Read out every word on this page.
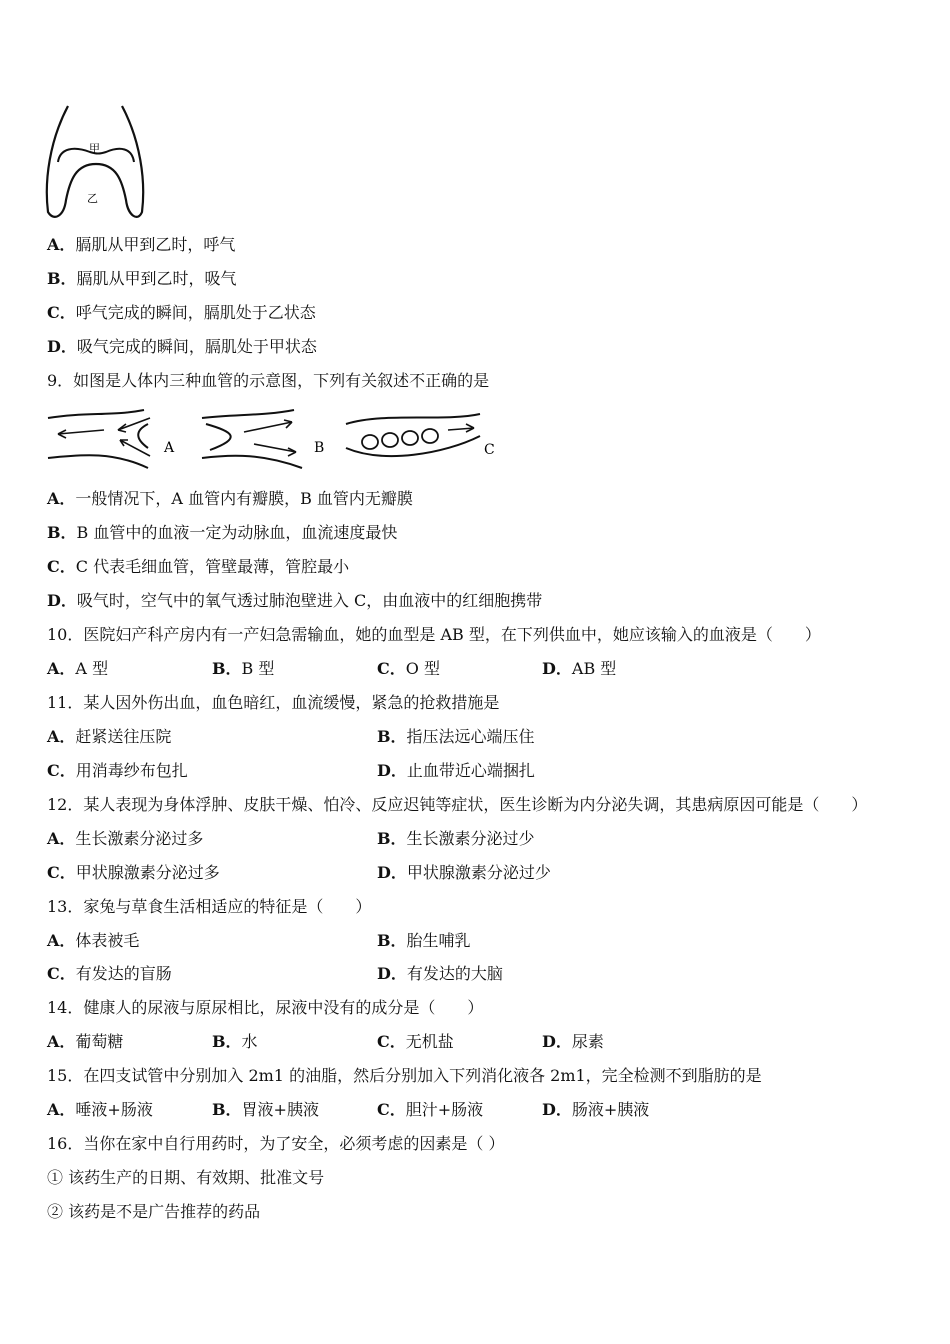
甲
乙
A．膈肌从甲到乙时，呼气
B．膈肌从甲到乙时，吸气
C．呼气完成的瞬间，膈肌处于乙状态
D．吸气完成的瞬间，膈肌处于甲状态
9．如图是人体内三种血管的示意图，下列有关叙述不正确的是
A	B	C
A．一般情况下，A 血管内有瓣膜，B 血管内无瓣膜
B．B 血管中的血液一定为动脉血，血流速度最快
C．C 代表毛细血管，管壁最薄，管腔最小
D．吸气时，空气中的氧气透过肺泡壁进入 C，由血液中的红细胞携带
10．医院妇产科产房内有一产妇急需输血，她的血型是 AB 型，在下列供血中，她应该输入的血液是（　　）
A．A 型	B．B 型	C．O 型	D．AB 型
11．某人因外伤出血，血色暗红，血流缓慢，紧急的抢救措施是
A．赶紧送往压院	B．指压法远心端压住
C．用消毒纱布包扎	D．止血带近心端捆扎
12．某人表现为身体浮肿、皮肤干燥、怕冷、反应迟钝等症状，医生诊断为内分泌失调，其患病原因可能是（　　）
A．生长激素分泌过多	B．生长激素分泌过少
C．甲状腺激素分泌过多	D．甲状腺激素分泌过少
13．家兔与草食生活相适应的特征是（　　）
A．体表被毛	B．胎生哺乳
C．有发达的盲肠	D．有发达的大脑
14．健康人的尿液与原尿相比，尿液中没有的成分是（　　）
A．葡萄糖	B．水	C．无机盐	D．尿素
15．在四支试管中分别加入 2m1 的油脂，然后分别加入下列消化液各 2m1，完全检测不到脂肪的是
A．唾液+肠液	B．胃液+胰液	C．胆汁+肠液	D．肠液+胰液
16．当你在家中自行用药时，为了安全，必须考虑的因素是（ ）
① 该药生产的日期、有效期、批准文号
② 该药是不是广告推荐的药品
